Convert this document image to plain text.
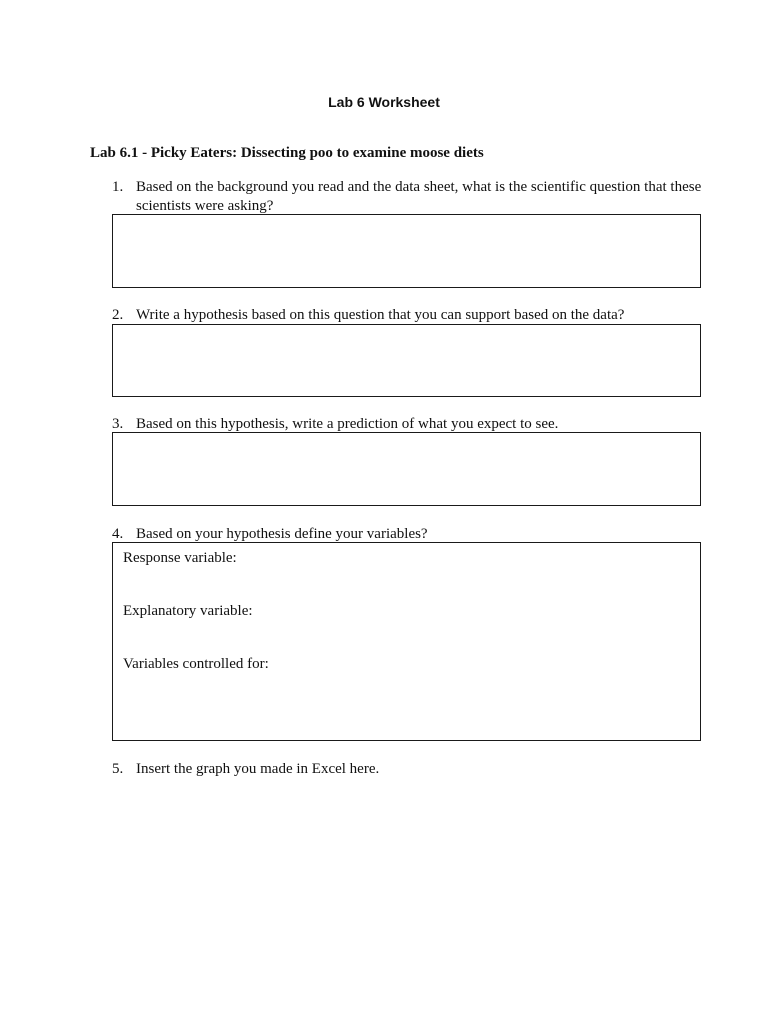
Lab 6 Worksheet
Lab 6.1 - Picky Eaters: Dissecting poo to examine moose diets
1. Based on the background you read and the data sheet, what is the scientific question that these scientists were asking?
2. Write a hypothesis based on this question that you can support based on the data?
3. Based on this hypothesis, write a prediction of what you expect to see.
4. Based on your hypothesis define your variables?
Response variable:
Explanatory variable:
Variables controlled for:
5. Insert the graph you made in Excel here.
